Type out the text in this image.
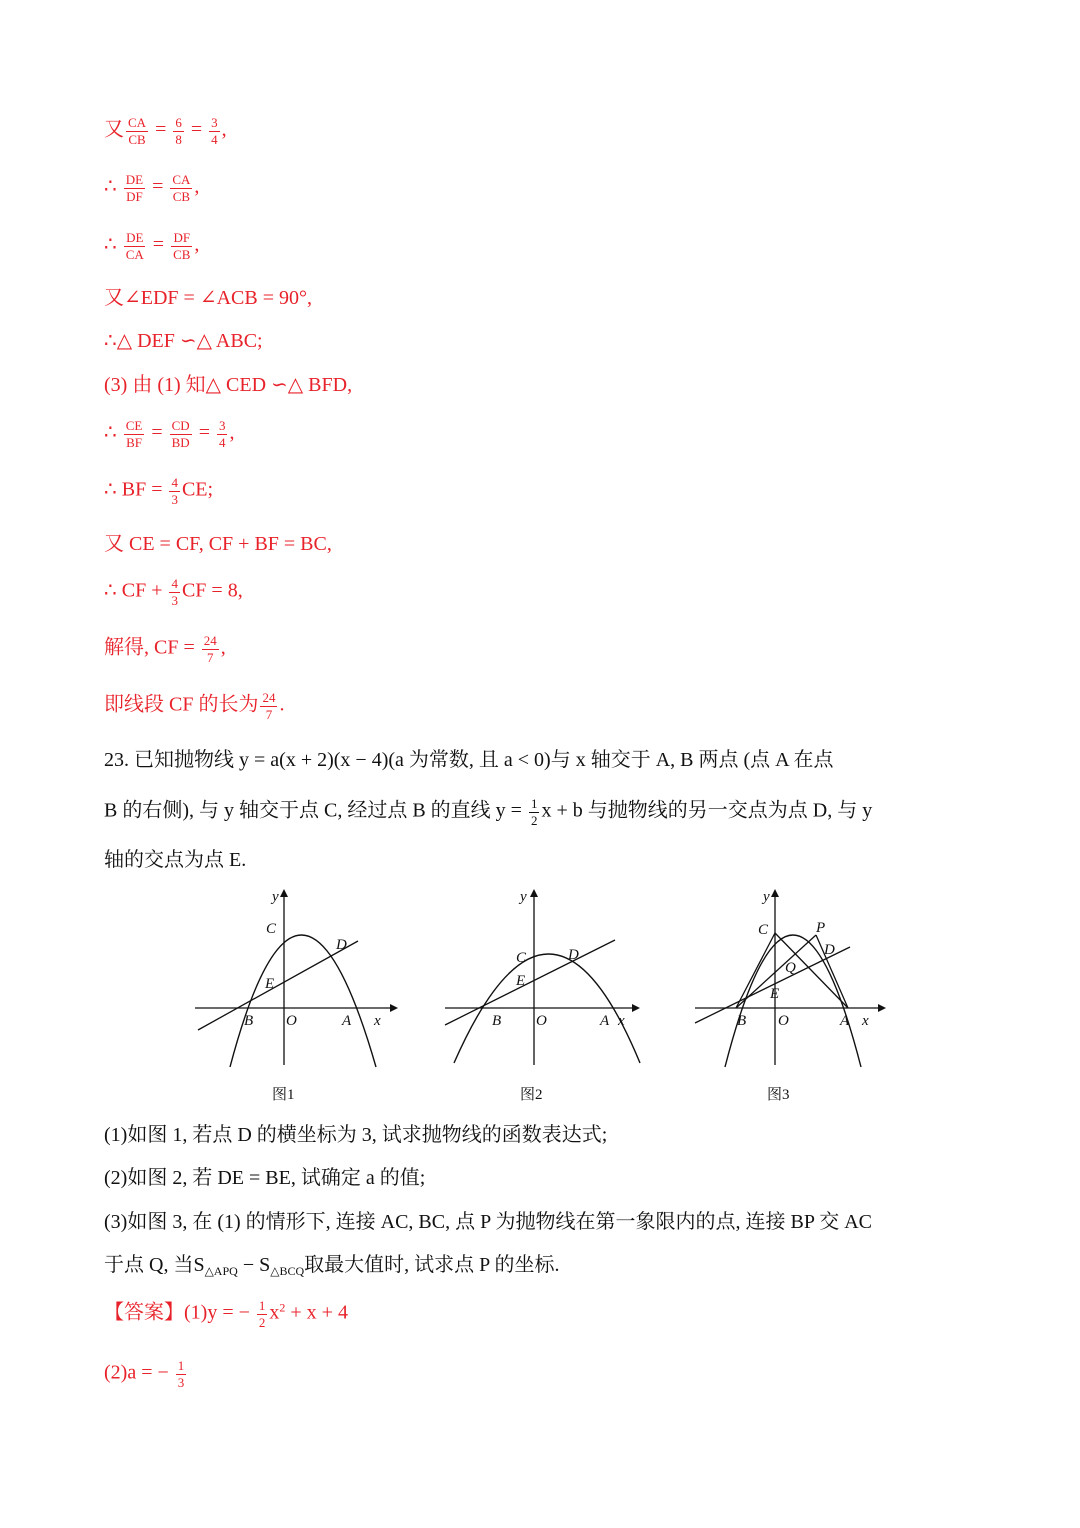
又 $\frac{CA}{CB} = \frac{6}{8} = \frac{3}{4}$ ,
∴ $\frac{DE}{DF} = \frac{CA}{CB}$ ,
∴ $\frac{DE}{CA} = \frac{DF}{CB}$ ,
又∠EDF = ∠ACB = 90°,
∴△ DEF ∽△ ABC;
(3) 由 (1) 知△ CED ∽△ BFD,
∴ $\frac{CE}{BF} = \frac{CD}{BD} = \frac{3}{4}$ ,
∴ BF = $\frac{4}{3}$ CE;
又 CE = CF, CF + BF = BC,
∴ CF + $\frac{4}{3}$ CF = 8,
解得, CF = $\frac{24}{7}$ ,
即线段 CF 的长为 $\frac{24}{7}$ .
23. 已知抛物线 y = a(x + 2)(x − 4)(a 为常数, 且 a < 0)与 x 轴交于 A, B 两点 (点 A 在点
B 的右侧), 与 y 轴交于点 C, 经过点 B 的直线 $y = \frac{1}{2}$ x + b 与抛物线的另一交点为点 D, 与 y
轴的交点为点 E.
y
x
C
D
E
B O	A
图1
y
x
C	D
E
B O	A
图2
y
x
C	P
D
Q
E
B O	A
图3
(1)如图 1, 若点 D 的横坐标为 3, 试求抛物线的函数表达式;
(2)如图 2, 若 DE = BE, 试确定 a 的值;
(3)如图 3, 在 (1) 的情形下, 连接 AC, BC, 点 P 为抛物线在第一象限内的点, 连接 BP 交 AC
于点 Q, 当$S_{\triangle APQ} - S_{\triangle BCQ}$取最大值时, 试求点 P 的坐标.
【答案】(1)y = − $\frac{1}{2} x^2 + x + 4$
(2)a = − $\frac{1}{3}$
